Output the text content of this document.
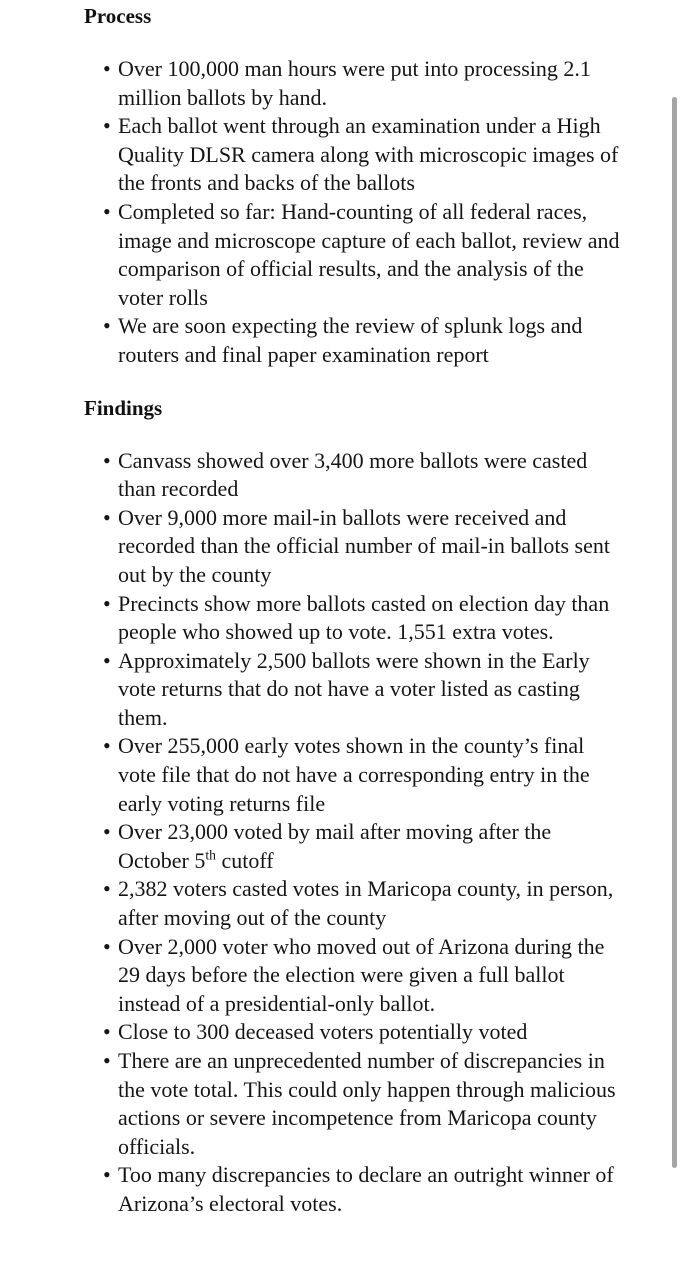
Process
• Over 100,000 man hours were put into processing 2.1 million ballots by hand.
• Each ballot went through an examination under a High Quality DLSR camera along with microscopic images of the fronts and backs of the ballots
• Completed so far: Hand-counting of all federal races, image and microscope capture of each ballot, review and comparison of official results, and the analysis of the voter rolls
• We are soon expecting the review of splunk logs and routers and final paper examination report
Findings
• Canvass showed over 3,400 more ballots were casted than recorded
• Over 9,000 more mail-in ballots were received and recorded than the official number of mail-in ballots sent out by the county
• Precincts show more ballots casted on election day than people who showed up to vote. 1,551 extra votes.
• Approximately 2,500 ballots were shown in the Early vote returns that do not have a voter listed as casting them.
• Over 255,000 early votes shown in the county’s final vote file that do not have a corresponding entry in the early voting returns file
• Over 23,000 voted by mail after moving after the October 5th cutoff
• 2,382 voters casted votes in Maricopa county, in person, after moving out of the county
• Over 2,000 voter who moved out of Arizona during the 29 days before the election were given a full ballot instead of a presidential-only ballot.
• Close to 300 deceased voters potentially voted
• There are an unprecedented number of discrepancies in the vote total. This could only happen through malicious actions or severe incompetence from Maricopa county officials.
• Too many discrepancies to declare an outright winner of Arizona’s electoral votes.
